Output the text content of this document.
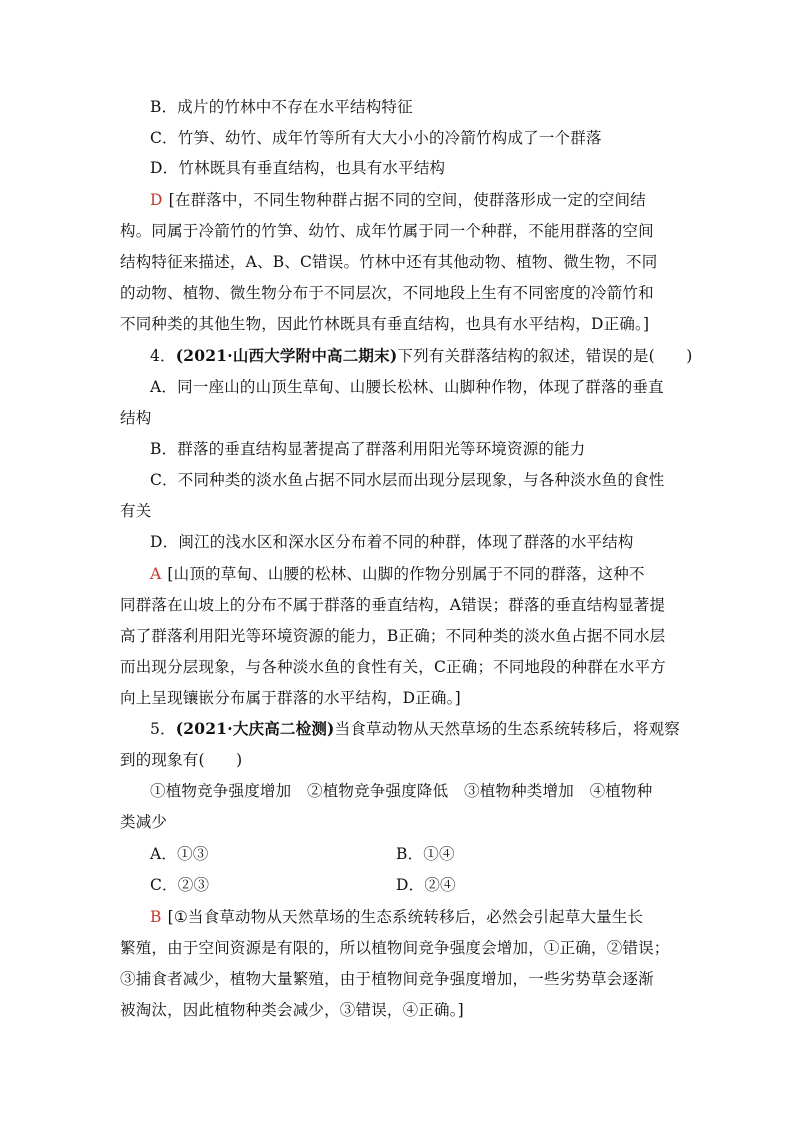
B．成片的竹林中不存在水平结构特征
C．竹笋、幼竹、成年竹等所有大大小小的冷箭竹构成了一个群落
D．竹林既具有垂直结构，也具有水平结构
D [在群落中，不同生物种群占据不同的空间，使群落形成一定的空间结
构。同属于冷箭竹的竹笋、幼竹、成年竹属于同一个种群，不能用群落的空间
结构特征来描述，A、B、C错误。竹林中还有其他动物、植物、微生物，不同
的动物、植物、微生物分布于不同层次，不同地段上生有不同密度的冷箭竹和
不同种类的其他生物，因此竹林既具有垂直结构，也具有水平结构，D正确。]
4．(2021·山西大学附中高二期末)下列有关群落结构的叙述，错误的是(　　)
A．同一座山的山顶生草甸、山腰长松林、山脚种作物，体现了群落的垂直
结构
B．群落的垂直结构显著提高了群落利用阳光等环境资源的能力
C．不同种类的淡水鱼占据不同水层而出现分层现象，与各种淡水鱼的食性
有关
D．闽江的浅水区和深水区分布着不同的种群，体现了群落的水平结构
A [山顶的草甸、山腰的松林、山脚的作物分别属于不同的群落，这种不
同群落在山坡上的分布不属于群落的垂直结构，A错误；群落的垂直结构显著提
高了群落利用阳光等环境资源的能力，B正确；不同种类的淡水鱼占据不同水层
而出现分层现象，与各种淡水鱼的食性有关，C正确；不同地段的种群在水平方
向上呈现镶嵌分布属于群落的水平结构，D正确。]
5．(2021·大庆高二检测)当食草动物从天然草场的生态系统转移后，将观察
到的现象有(　　)
①植物竞争强度增加　②植物竞争强度降低　③植物种类增加　④植物种
类减少
A．①③	B．①④
C．②③	D．②④
B [①当食草动物从天然草场的生态系统转移后，必然会引起草大量生长
繁殖，由于空间资源是有限的，所以植物间竞争强度会增加，①正确，②错误；
③捕食者减少，植物大量繁殖，由于植物间竞争强度增加，一些劣势草会逐渐
被淘汰，因此植物种类会减少，③错误，④正确。]
